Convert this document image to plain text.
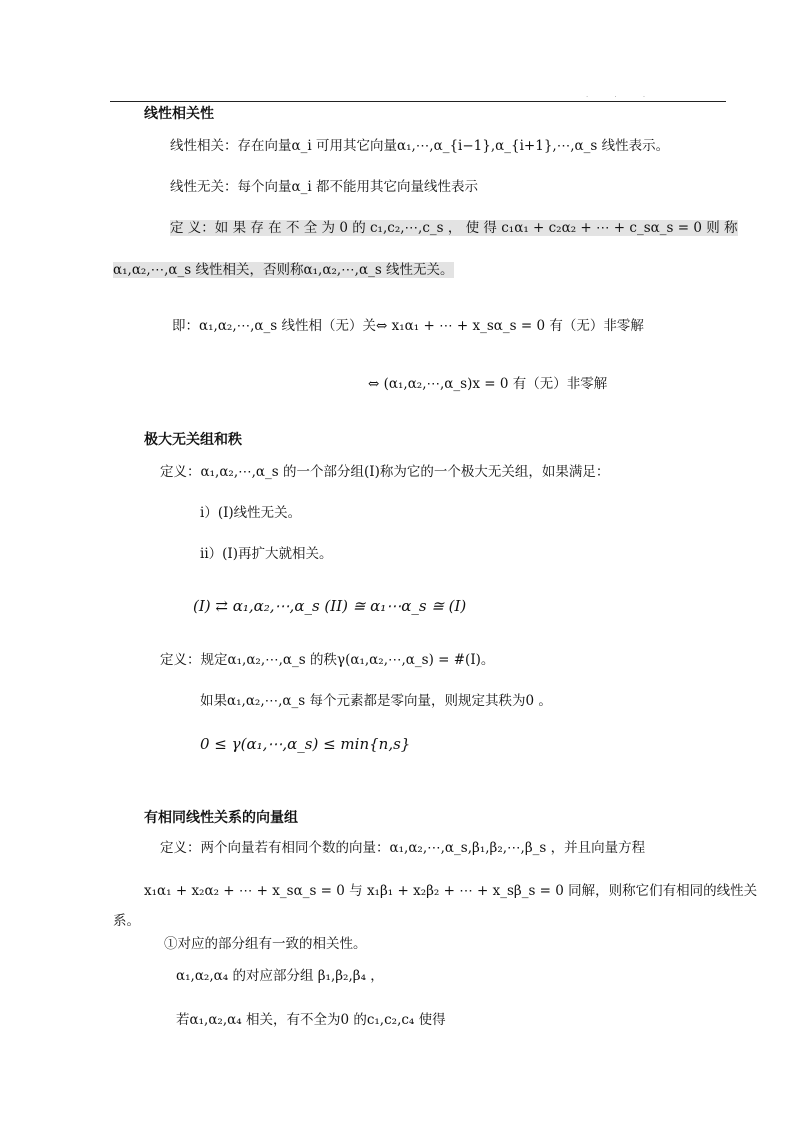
· · ·
线性相关性
线性相关：存在向量α_i 可用其它向量α₁,⋯,α_{i−1},α_{i+1},⋯,α_s 线性表示。
线性无关：每个向量α_i 都不能用其它向量线性表示
定 义：如 果 存 在 不 全 为 0 的 c₁,c₂,⋯,c_s ， 使 得 c₁α₁ + c₂α₂ + ⋯ + c_sα_s = 0 则 称
α₁,α₂,⋯,α_s 线性相关，否则称α₁,α₂,⋯,α_s 线性无关。
即：α₁,α₂,⋯,α_s 线性相（无）关⇔ x₁α₁ + ⋯ + x_sα_s = 0 有（无）非零解
⇔ (α₁,α₂,⋯,α_s)x = 0 有（无）非零解
极大无关组和秩
定义：α₁,α₂,⋯,α_s 的一个部分组(I)称为它的一个极大无关组，如果满足：
i）(I)线性无关。
ii）(I)再扩大就相关。
(I) ⇄ α₁,α₂,⋯,α_s (II) ≅ α₁⋯α_s ≅ (I)
定义：规定α₁,α₂,⋯,α_s 的秩γ(α₁,α₂,⋯,α_s) = #(I)。
如果α₁,α₂,⋯,α_s 每个元素都是零向量，则规定其秩为0 。
0 ≤ γ(α₁,⋯,α_s) ≤ min{n,s}
有相同线性关系的向量组
定义：两个向量若有相同个数的向量：α₁,α₂,⋯,α_s,β₁,β₂,⋯,β_s ，并且向量方程
x₁α₁ + x₂α₂ + ⋯ + x_sα_s = 0 与 x₁β₁ + x₂β₂ + ⋯ + x_sβ_s = 0 同解，则称它们有相同的线性关
系。
①对应的部分组有一致的相关性。
α₁,α₂,α₄ 的对应部分组 β₁,β₂,β₄ ，
若α₁,α₂,α₄ 相关，有不全为0 的c₁,c₂,c₄ 使得
